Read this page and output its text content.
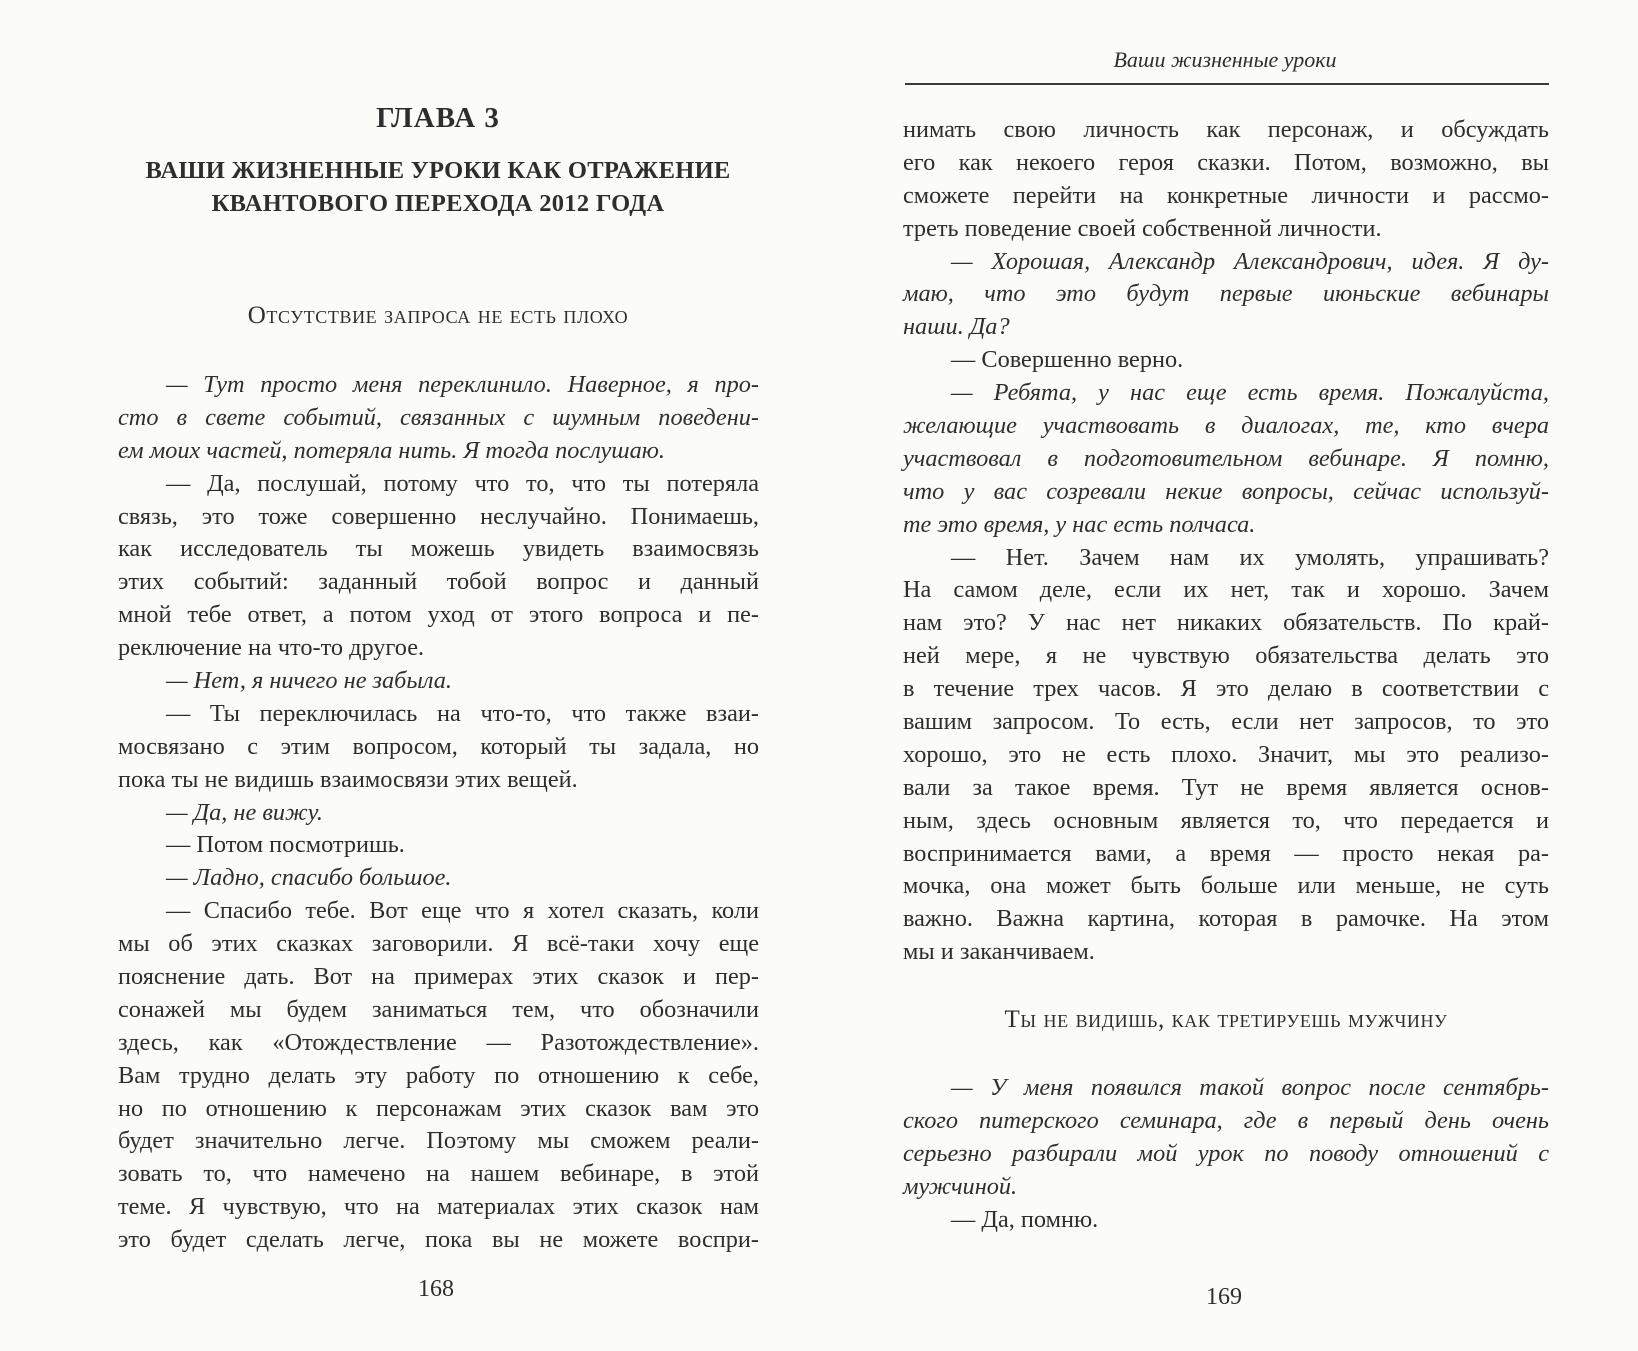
ГЛАВА 3
ВАШИ ЖИЗНЕННЫЕ УРОКИ КАК ОТРАЖЕНИЕ
КВАНТОВОГО ПЕРЕХОДА 2012 ГОДА
Отсутствие запроса не есть плохо
— Тут просто меня переклинило. Наверное, я про-
сто в свете событий, связанных с шумным поведени-
ем моих частей, потеряла нить. Я тогда послушаю.
— Да, послушай, потому что то, что ты потеряла
связь, это тоже совершенно неслучайно. Понимаешь,
как исследователь ты можешь увидеть взаимосвязь
этих событий: заданный тобой вопрос и данный
мной тебе ответ, а потом уход от этого вопроса и пе-
реключение на что-то другое.
— Нет, я ничего не забыла.
— Ты переключилась на что-то, что также взаи-
мосвязано с этим вопросом, который ты задала, но
пока ты не видишь взаимосвязи этих вещей.
— Да, не вижу.
— Потом посмотришь.
— Ладно, спасибо большое.
— Спасибо тебе. Вот еще что я хотел сказать, коли
мы об этих сказках заговорили. Я всё-таки хочу еще
пояснение дать. Вот на примерах этих сказок и пер-
сонажей мы будем заниматься тем, что обозначили
здесь, как «Отождествление — Разотождествление».
Вам трудно делать эту работу по отношению к себе,
но по отношению к персонажам этих сказок вам это
будет значительно легче. Поэтому мы сможем реали-
зовать то, что намечено на нашем вебинаре, в этой
теме. Я чувствую, что на материалах этих сказок нам
это будет сделать легче, пока вы не можете воспри-
168
Ваши жизненные уроки
нимать свою личность как персонаж, и обсуждать
его как некоего героя сказки. Потом, возможно, вы
сможете перейти на конкретные личности и рассмо-
треть поведение своей собственной личности.
— Хорошая, Александр Александрович, идея. Я ду-
маю, что это будут первые июньские вебинары
наши. Да?
— Совершенно верно.
— Ребята, у нас еще есть время. Пожалуйста,
желающие участвовать в диалогах, те, кто вчера
участвовал в подготовительном вебинаре. Я помню,
что у вас созревали некие вопросы, сейчас используй-
те это время, у нас есть полчаса.
— Нет. Зачем нам их умолять, упрашивать?
На самом деле, если их нет, так и хорошо. Зачем
нам это? У нас нет никаких обязательств. По край-
ней мере, я не чувствую обязательства делать это
в течение трех часов. Я это делаю в соответствии с
вашим запросом. То есть, если нет запросов, то это
хорошо, это не есть плохо. Значит, мы это реализо-
вали за такое время. Тут не время является основ-
ным, здесь основным является то, что передается и
воспринимается вами, а время — просто некая ра-
мочка, она может быть больше или меньше, не суть
важно. Важна картина, которая в рамочке. На этом
мы и заканчиваем.
Ты не видишь, как третируешь мужчину
— У меня появился такой вопрос после сентябрь-
ского питерского семинара, где в первый день очень
серьезно разбирали мой урок по поводу отношений с
мужчиной.
— Да, помню.
169
